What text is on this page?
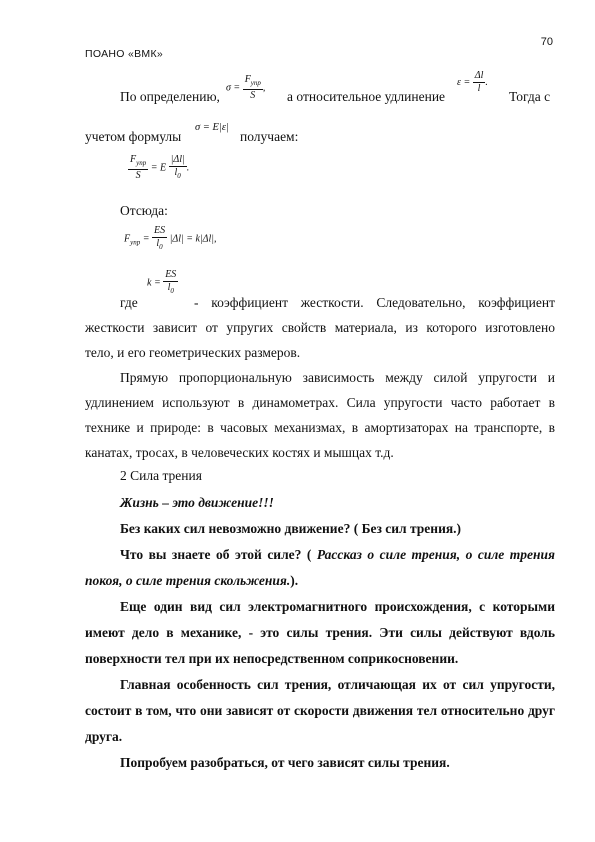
70
ПОАНО «ВМК»
По определению,
$\sigma = \frac{F_{упр}}{S}$ ,
а относительное удлинение
$\varepsilon = \frac{\Delta l}{l}$ .
Тогда с
учетом формулы
σ = E|ε|
получаем:
$\frac{F_{упр}}{S} = E \frac{|\Delta l|}{l_0}$ .
Отсюда:
$F_{упр} = \frac{ES}{l_0} |\Delta l| = k|\Delta l|$,
$k = \frac{ES}{l_0}$
где	- коэффициент жесткости. Следовательно, коэффициент
жесткости зависит от упругих свойств материала, из которого изготовлено
тело, и его геометрических размеров.
Прямую пропорциональную зависимость между силой упругости и
удлинением используют в динамометрах. Сила упругости часто работает в
технике и природе: в часовых механизмах, в амортизаторах на транспорте, в
канатах, тросах, в человеческих костях и мышцах т.д.
2 Сила трения
Жизнь – это движение!!!
Без каких сил невозможно движение? ( Без сил трения.)
Что вы знаете об этой силе? ( Рассказ о силе трения, о силе трения
покоя, о силе трения скольжения.).
Еще один вид сил электромагнитного происхождения, с которыми
имеют дело в механике, - это силы трения. Эти силы действуют вдоль
поверхности тел при их непосредственном соприкосновении.
Главная особенность сил трения, отличающая их от сил упругости,
состоит в том, что они зависят от скорости движения тел относительно друг
друга.
Попробуем разобраться, от чего зависят силы трения.
